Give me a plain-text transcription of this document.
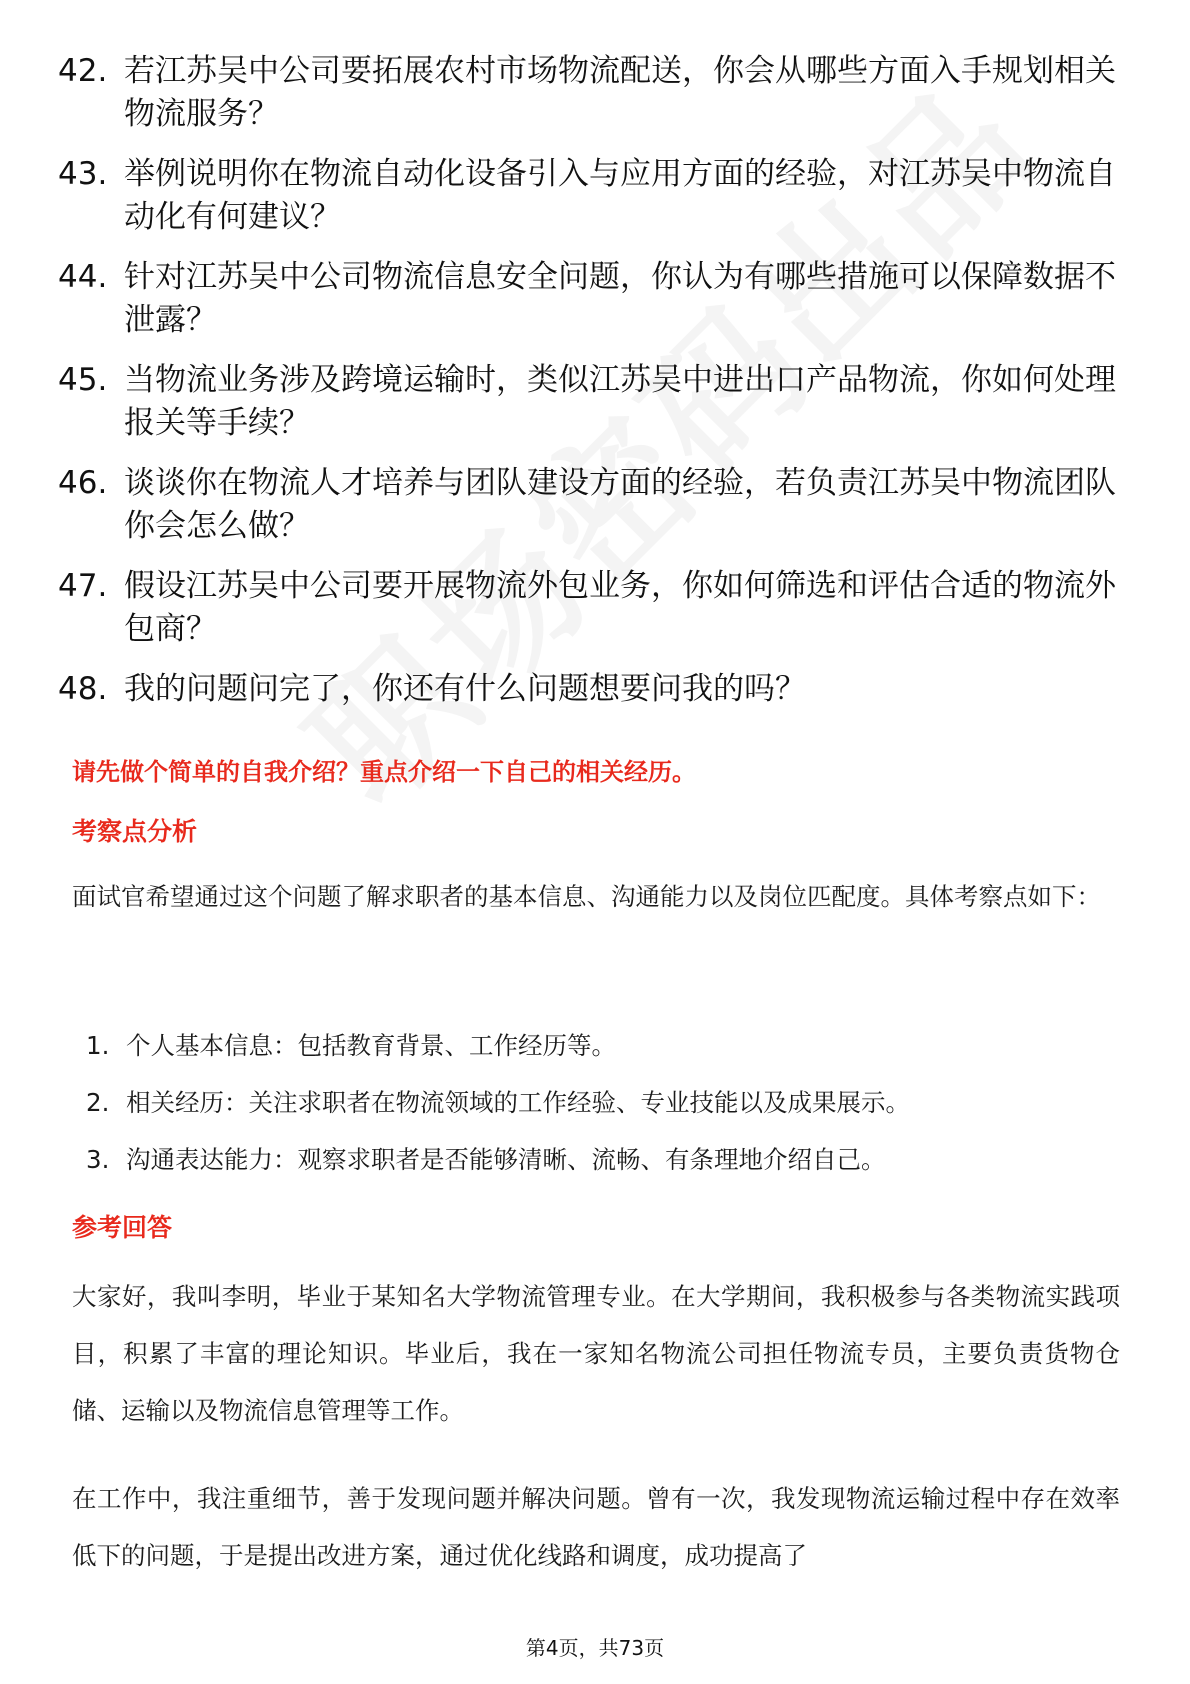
42. 若江苏吴中公司要拓展农村市场物流配送，你会从哪些方面入手规划相关物流服务？
43. 举例说明你在物流自动化设备引入与应用方面的经验，对江苏吴中物流自动化有何建议？
44. 针对江苏吴中公司物流信息安全问题，你认为有哪些措施可以保障数据不泄露？
45. 当物流业务涉及跨境运输时，类似江苏吴中进出口产品物流，你如何处理报关等手续？
46. 谈谈你在物流人才培养与团队建设方面的经验，若负责江苏吴中物流团队你会怎么做？
47. 假设江苏吴中公司要开展物流外包业务，你如何筛选和评估合适的物流外包商？
48. 我的问题问完了，你还有什么问题想要问我的吗？
请先做个简单的自我介绍？重点介绍一下自己的相关经历。
考察点分析
面试官希望通过这个问题了解求职者的基本信息、沟通能力以及岗位匹配度。具体考察点如下：
1. 个人基本信息：包括教育背景、工作经历等。
2. 相关经历：关注求职者在物流领域的工作经验、专业技能以及成果展示。
3. 沟通表达能力：观察求职者是否能够清晰、流畅、有条理地介绍自己。
参考回答
大家好，我叫李明，毕业于某知名大学物流管理专业。在大学期间，我积极参与各类物流实践项目，积累了丰富的理论知识。毕业后，我在一家知名物流公司担任物流专员，主要负责货物仓储、运输以及物流信息管理等工作。
在工作中，我注重细节，善于发现问题并解决问题。曾有一次，我发现物流运输过程中存在效率低下的问题，于是提出改进方案，通过优化线路和调度，成功提高了
第4页，共73页
